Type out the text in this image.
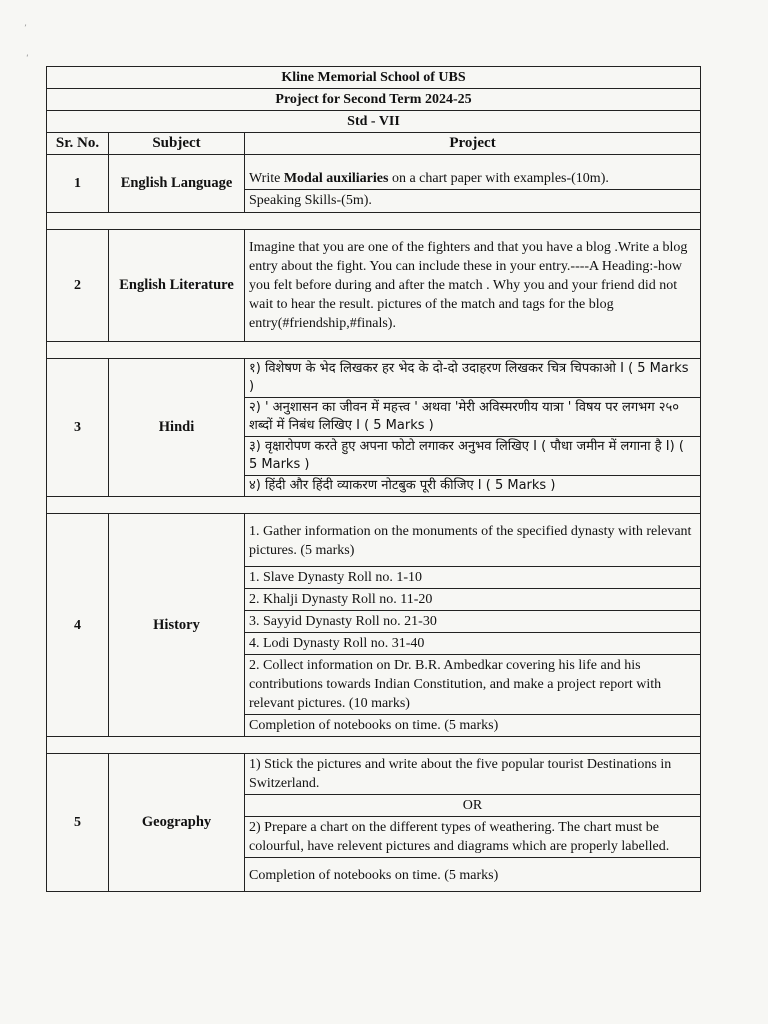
’
ʻ
Kline Memorial School of UBS		
Project for Second Term 2024-25		
Std - VII		
Sr. No.	Subject	Project
1	English Language	Write Modal auxiliaries on a chart paper with examples-(10m).
		Speaking Skills-(5m).

2	English Literature	Imagine that you are one of the fighters and that you have a blog .Write a blog entry about the fight. You can include these in your entry.----A Heading:-how you felt before during and after the match . Why you and your friend did not wait to hear the result. pictures of the match and tags for the blog entry(#friendship,#finals).

3	Hindi	१) विशेषण के भेद लिखकर हर भेद के दो-दो उदाहरण लिखकर चित्र चिपकाओ I ( 5 Marks )
		२) ' अनुशासन का जीवन में महत्त्व ' अथवा 'मेरी अविस्मरणीय यात्रा ' विषय पर लगभग २५० शब्दों में निबंध लिखिए I ( 5 Marks )
		३) वृक्षारोपण करते हुए अपना फोटो लगाकर अनुभव लिखिए I ( पौधा जमीन में लगाना है I) ( 5 Marks )
		४) हिंदी और हिंदी व्याकरण नोटबुक पूरी कीजिए I ( 5 Marks )

4	History	1. Gather information on the monuments of the specified dynasty with relevant pictures. (5 marks)
		1. Slave Dynasty Roll no. 1-10
		2. Khalji Dynasty Roll no. 11-20
		3. Sayyid Dynasty Roll no. 21-30
		4. Lodi Dynasty Roll no. 31-40
		2. Collect information on Dr. B.R. Ambedkar covering his life and his contributions towards Indian Constitution, and make a project report with relevant pictures. (10 marks)
		Completion of notebooks on time. (5 marks)

5	Geography	1) Stick the pictures and write about the five popular tourist Destinations in Switzerland.
		OR
		2) Prepare a chart on the different types of weathering. The chart must be colourful, have relevent pictures and diagrams which are properly labelled.
		Completion of notebooks on time. (5 marks)
